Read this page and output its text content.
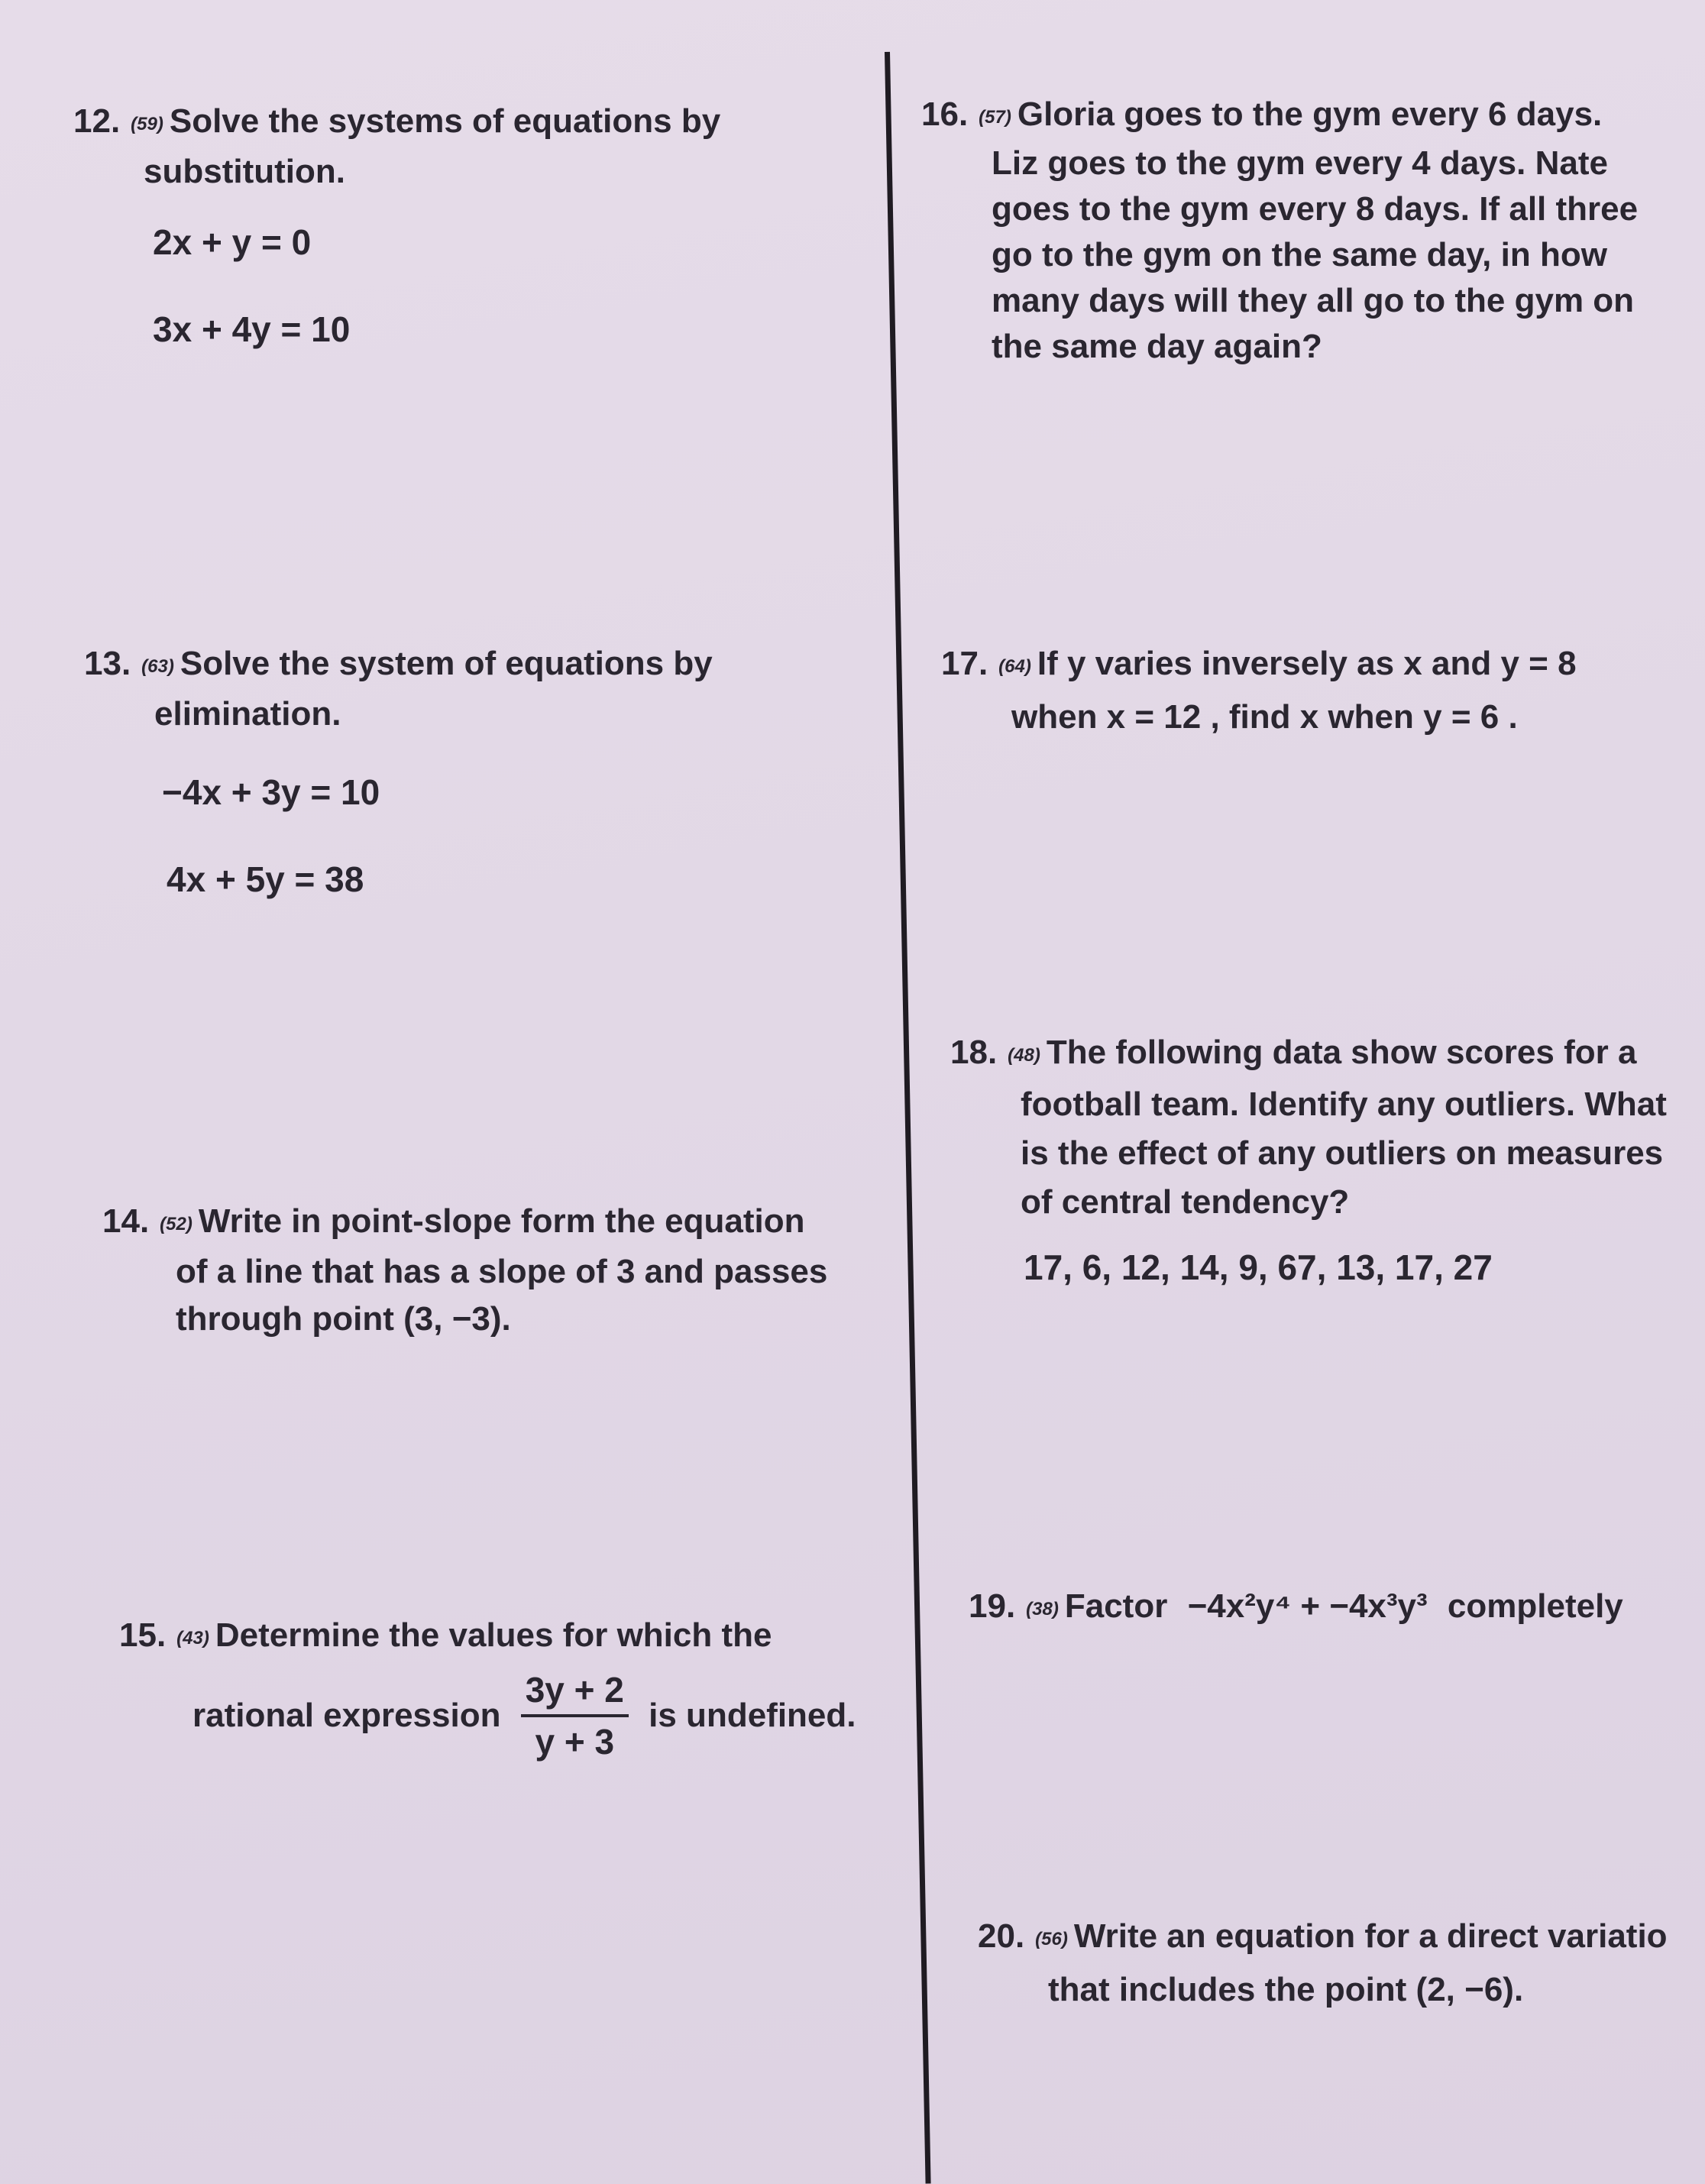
12. (59) Solve the systems of equations by
substitution.
2x + y = 0
3x + 4y = 10
13. (63) Solve the system of equations by
elimination.
−4x + 3y = 10
4x + 5y = 38
14. (52) Write in point-slope form the equation
of a line that has a slope of 3 and passes
through point (3, −3).
15. (43) Determine the values for which the
rational expression $\frac{3y + 2}{y + 3}$ is undefined.
16. (57) Gloria goes to the gym every 6 days.
Liz goes to the gym every 4 days. Nate
goes to the gym every 8 days. If all three
go to the gym on the same day, in how
many days will they all go to the gym on
the same day again?
17. (64) If y varies inversely as x and y = 8
when x = 12 , find x when y = 6 .
18. (48) The following data show scores for a
football team. Identify any outliers. What
is the effect of any outliers on measures
of central tendency?
17, 6, 12, 14, 9, 67, 13, 17, 27
19. (38) Factor −4x²y⁴ + −4x³y³ completely
20. (56) Write an equation for a direct variatio
that includes the point (2, −6).
